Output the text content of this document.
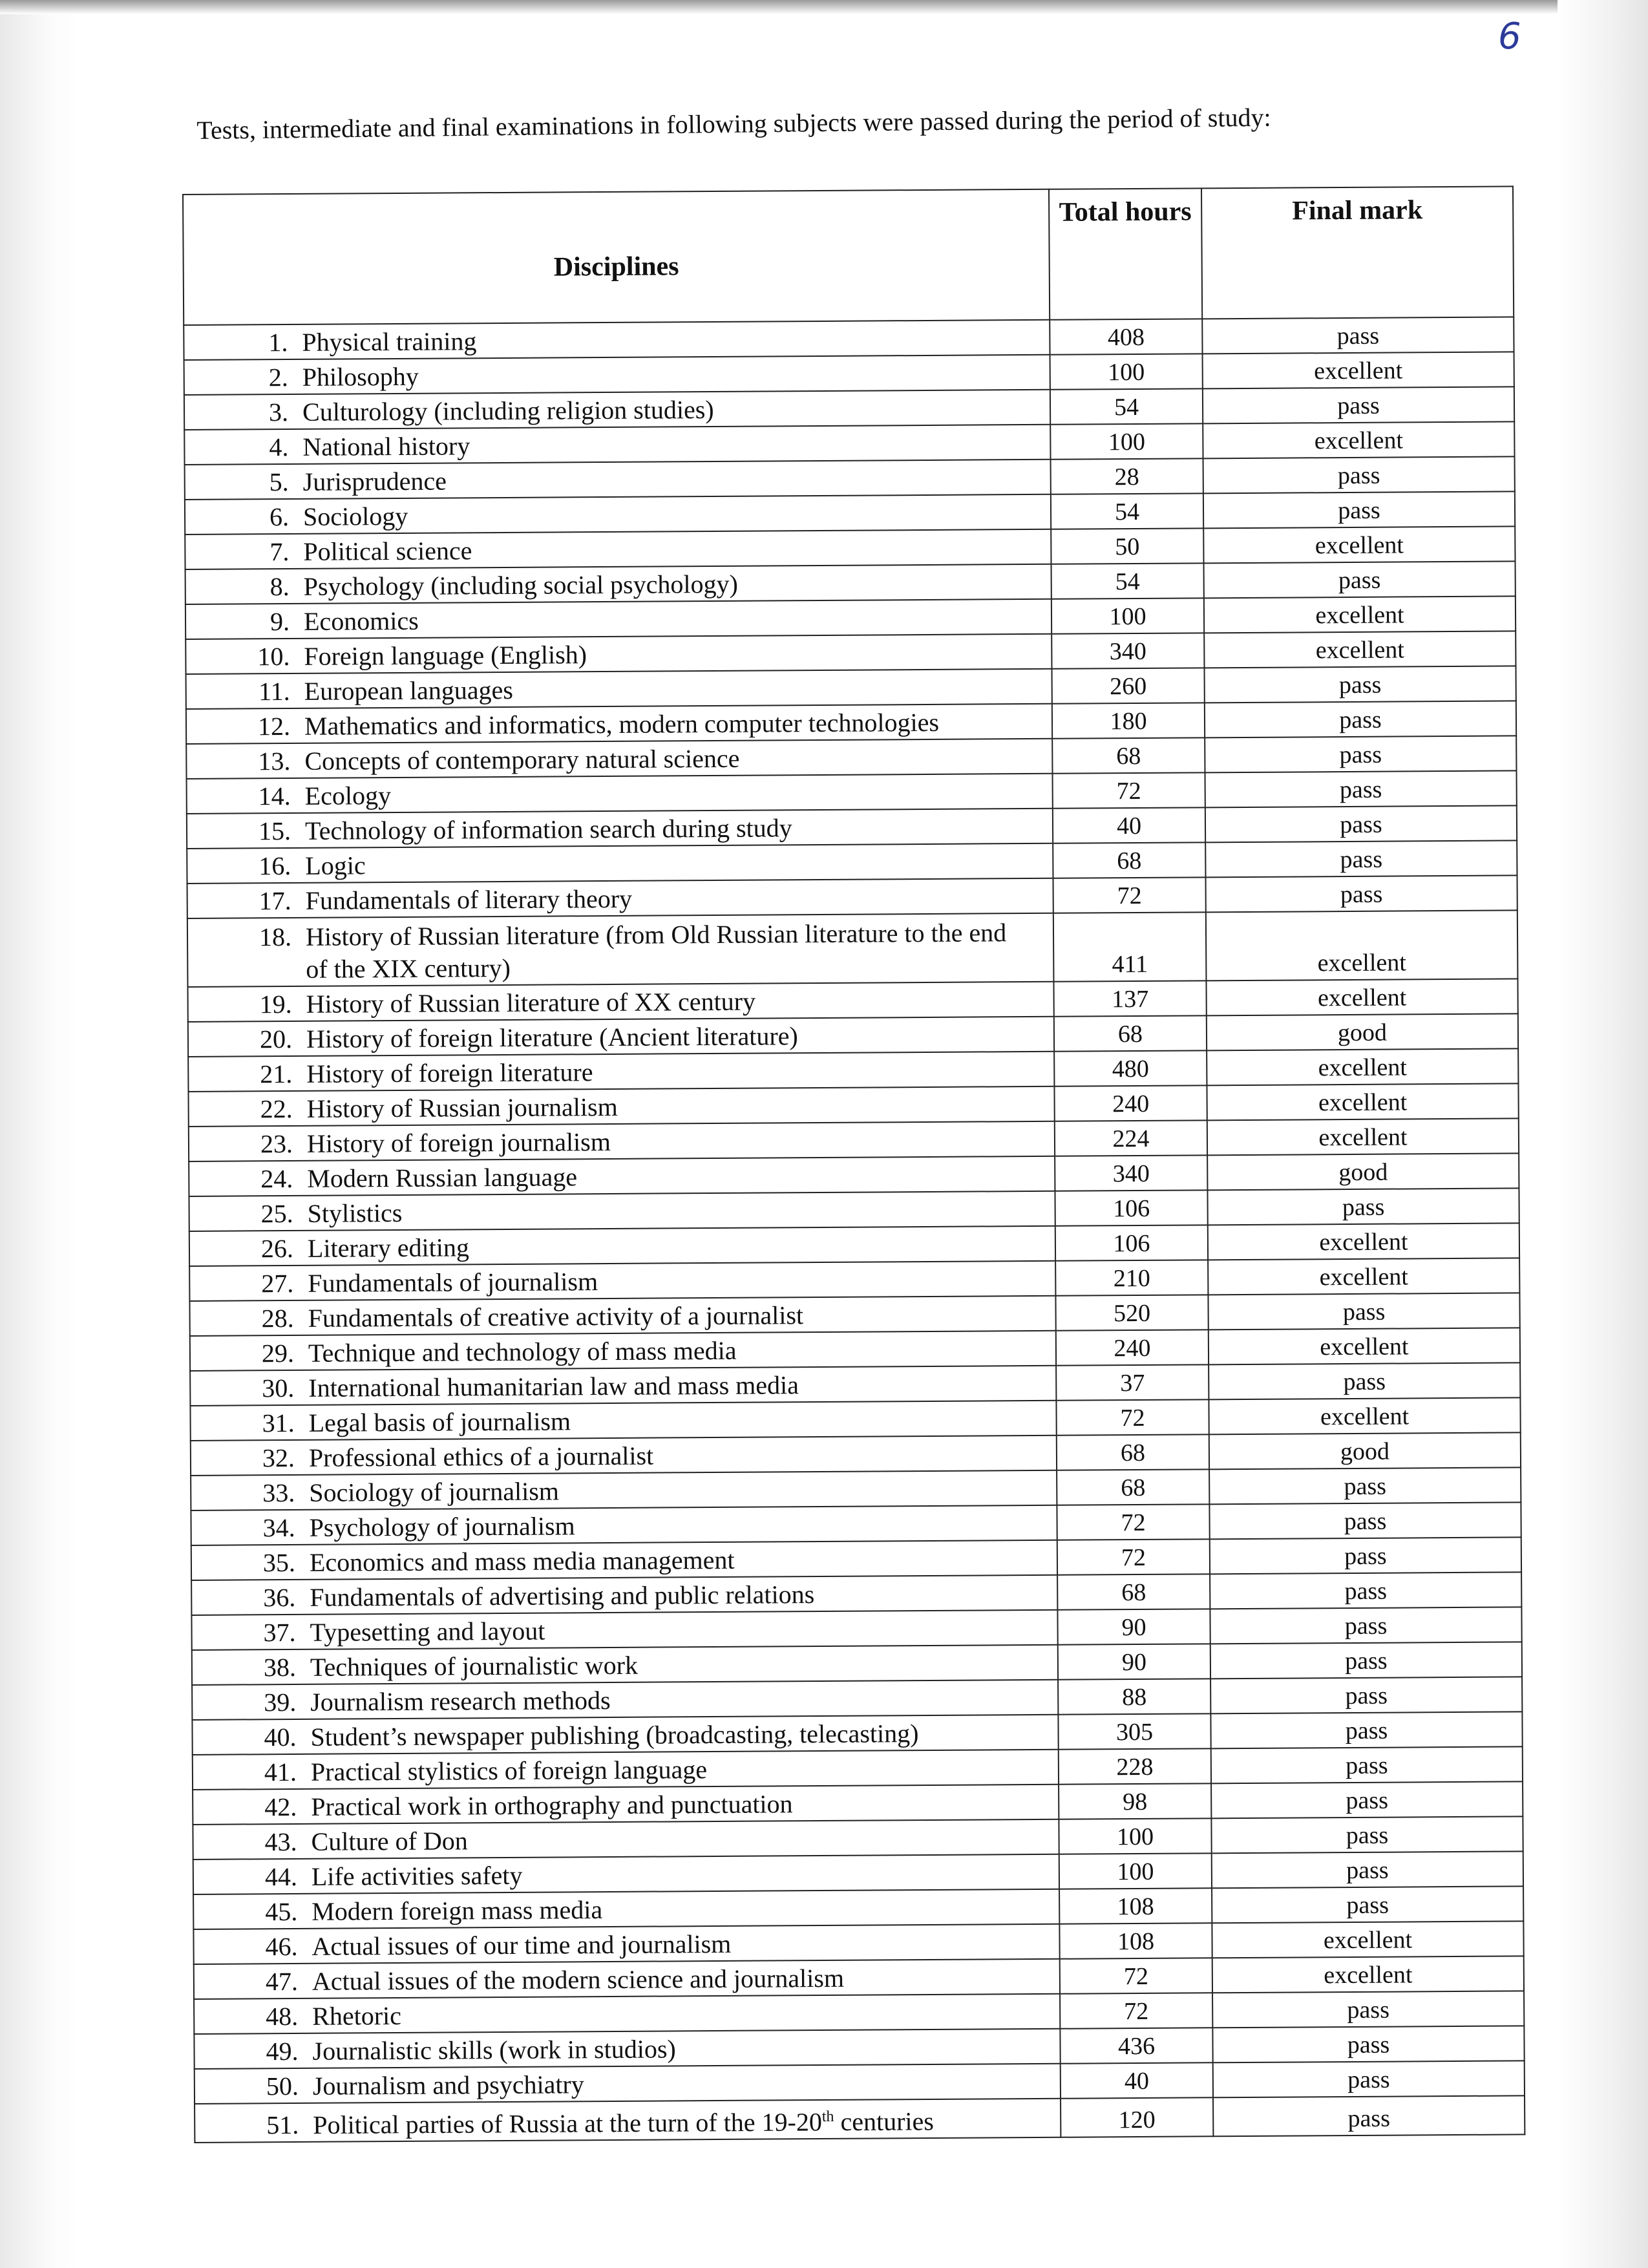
6
Tests, intermediate and final examinations in following subjects were passed during the period of study:
Disciplines	Total hours	Final mark
1. Physical training	408	pass
2. Philosophy	100	excellent
3. Culturology (including religion studies)	54	pass
4. National history	100	excellent
5. Jurisprudence	28	pass
6. Sociology	54	pass
7. Political science	50	excellent
8. Psychology (including social psychology)	54	pass
9. Economics	100	excellent
10. Foreign language (English)	340	excellent
11. European languages	260	pass
12. Mathematics and informatics, modern computer technologies	180	pass
13. Concepts of contemporary natural science	68	pass
14. Ecology	72	pass
15. Technology of information search during study	40	pass
16. Logic	68	pass
17. Fundamentals of literary theory	72	pass
18. History of Russian literature (from Old Russian literature to the end of the XIX century)	411	excellent
19. History of Russian literature of XX century	137	excellent
20. History of foreign literature (Ancient literature)	68	good
21. History of foreign literature	480	excellent
22. History of Russian journalism	240	excellent
23. History of foreign journalism	224	excellent
24. Modern Russian language	340	good
25. Stylistics	106	pass
26. Literary editing	106	excellent
27. Fundamentals of journalism	210	excellent
28. Fundamentals of creative activity of a journalist	520	pass
29. Technique and technology of mass media	240	excellent
30. International humanitarian law and mass media	37	pass
31. Legal basis of journalism	72	excellent
32. Professional ethics of a journalist	68	good
33. Sociology of journalism	68	pass
34. Psychology of journalism	72	pass
35. Economics and mass media management	72	pass
36. Fundamentals of advertising and public relations	68	pass
37. Typesetting and layout	90	pass
38. Techniques of journalistic work	90	pass
39. Journalism research methods	88	pass
40. Student’s newspaper publishing (broadcasting, telecasting)	305	pass
41. Practical stylistics of foreign language	228	pass
42. Practical work in orthography and punctuation	98	pass
43. Culture of Don	100	pass
44. Life activities safety	100	pass
45. Modern foreign mass media	108	pass
46. Actual issues of our time and journalism	108	excellent
47. Actual issues of the modern science and journalism	72	excellent
48. Rhetoric	72	pass
49. Journalistic skills (work in studios)	436	pass
50. Journalism and psychiatry	40	pass
51. Political parties of Russia at the turn of the 19-20th centuries	120	pass
